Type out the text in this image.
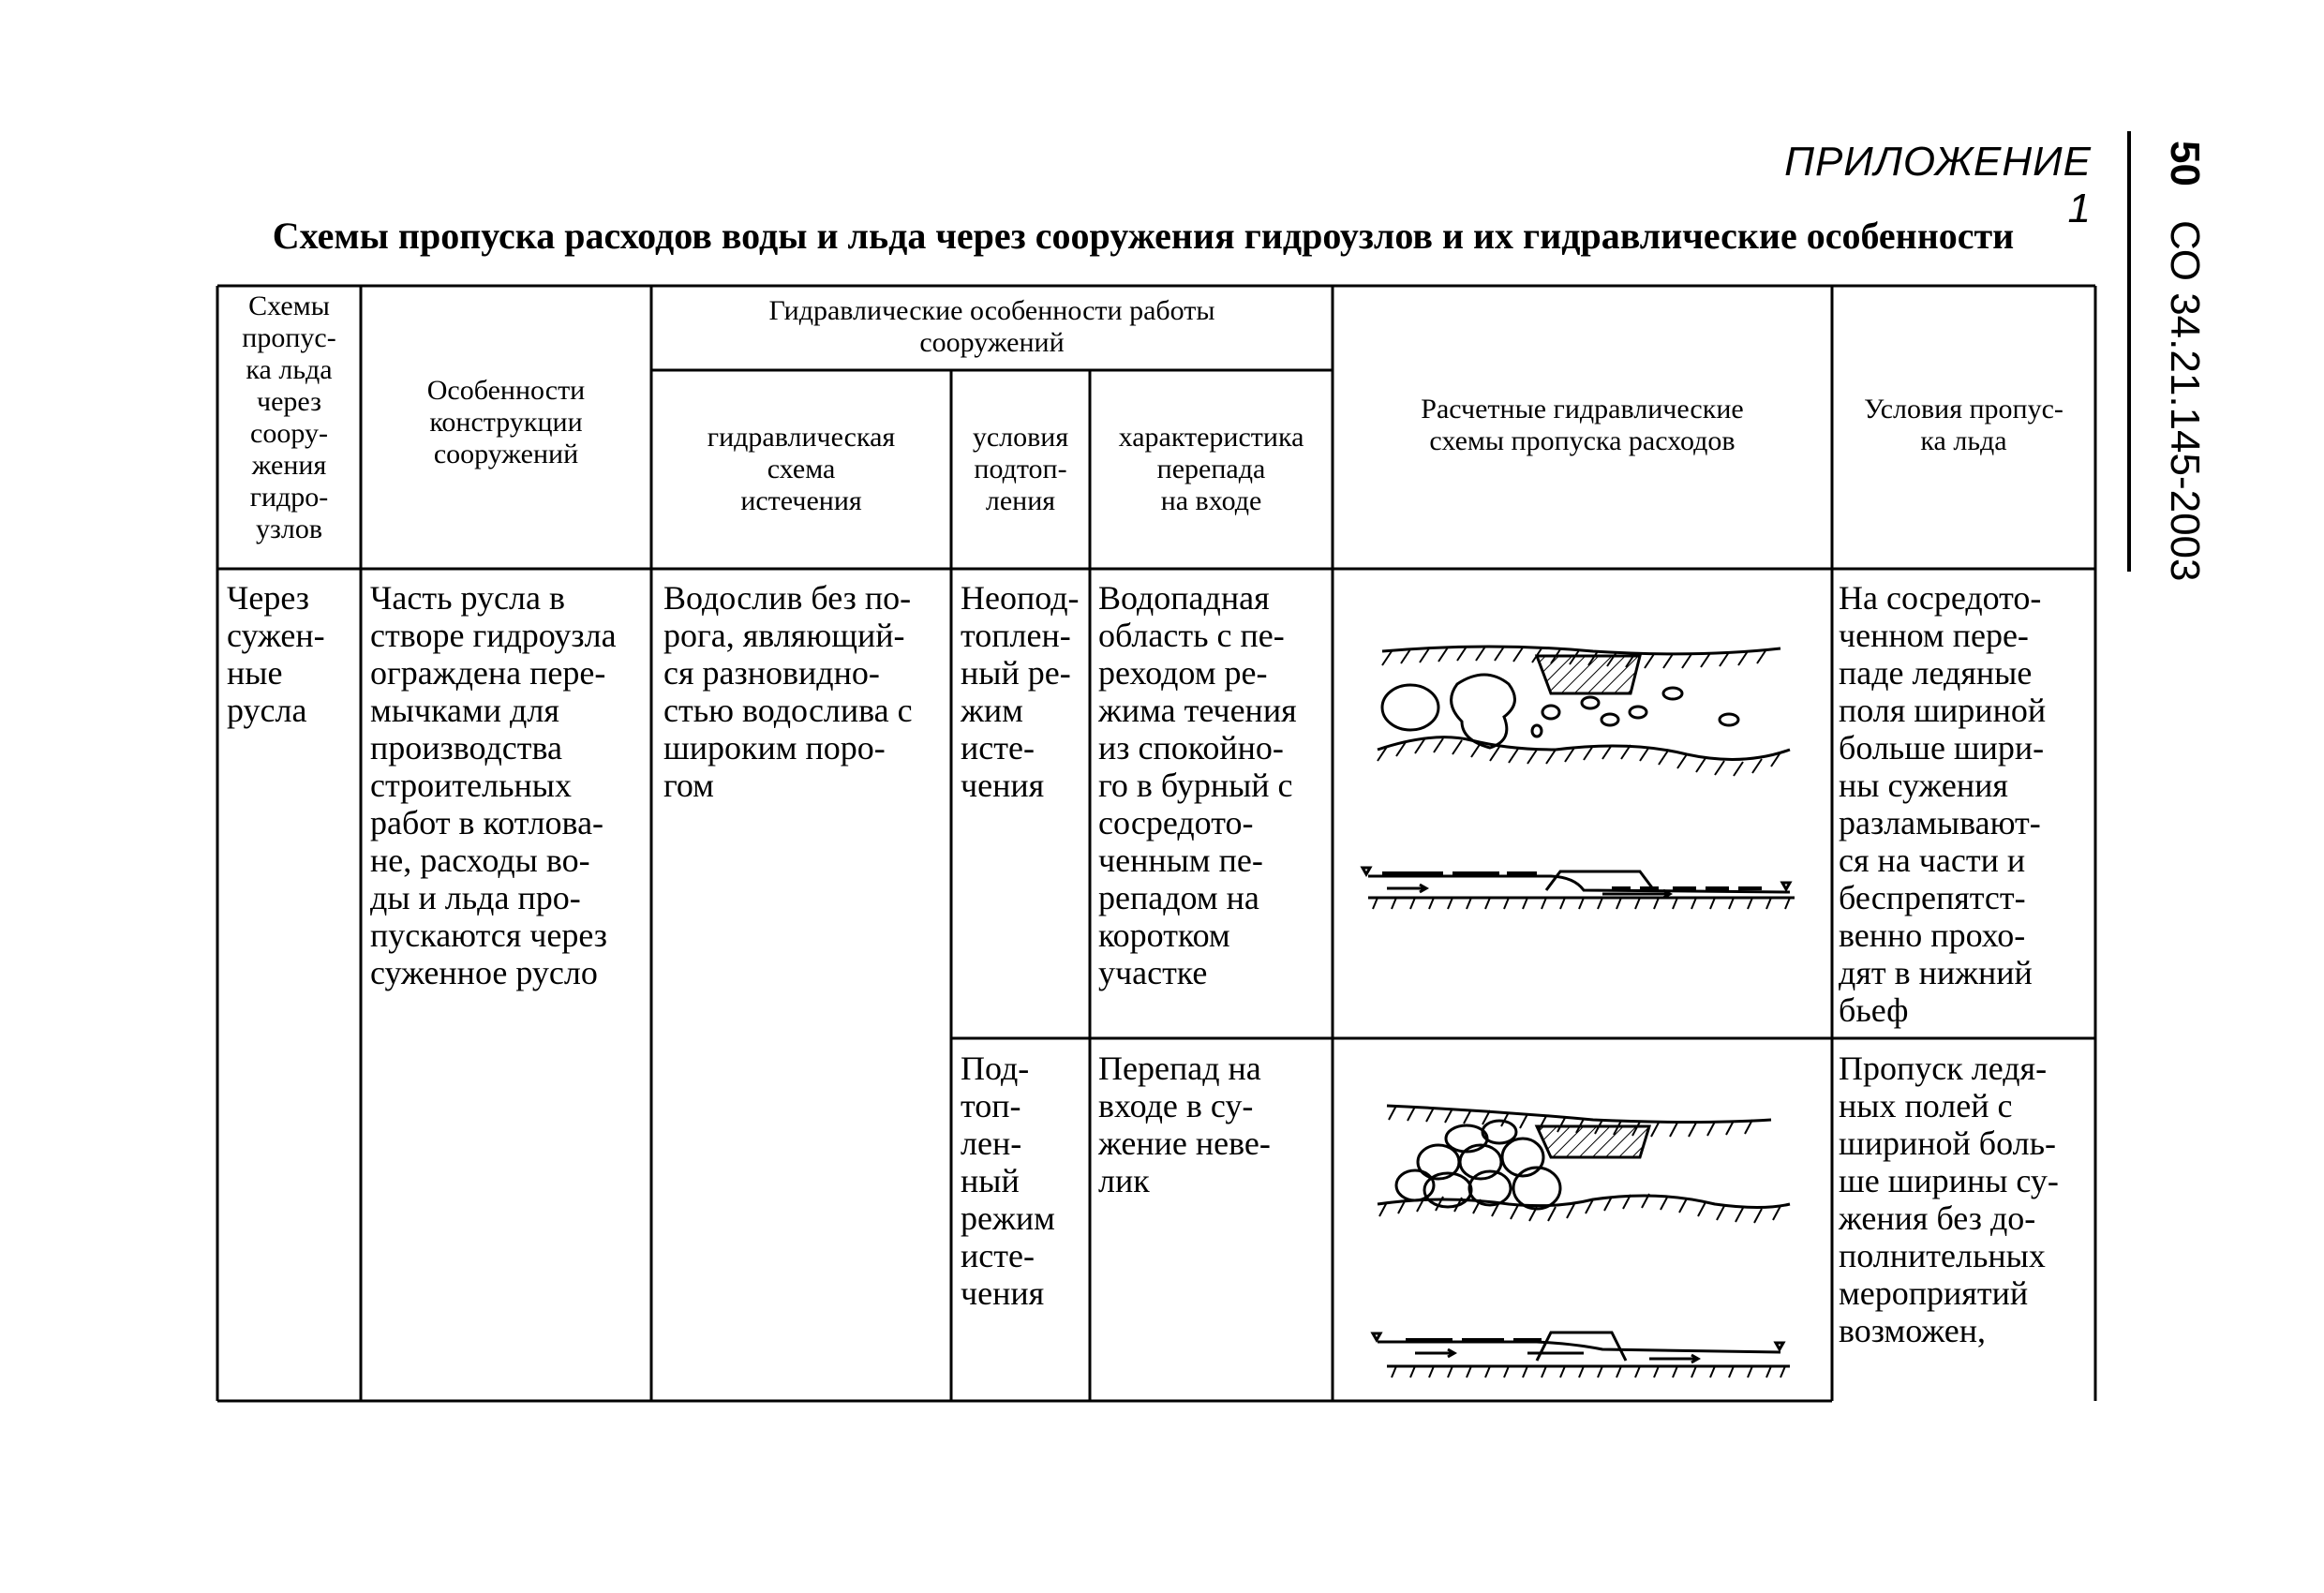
ПРИЛОЖЕНИЕ 1
50СО 34.21.145-2003
Схемы пропуска расходов воды и льда через сооружения гидроузлов и их гидравлические особенности
Схемы
пропус-
ка льда
через
соору-
жения
гидро-
узлов
Особенности
конструкции
сооружений
Гидравлические особенности работы
сооружений
гидравлическая
схема
истечения
условия
подтоп-
ления
характеристика
перепада
на входе
Расчетные гидравлические
схемы пропуска расходов
Условия пропус-
ка льда
Через
сужен-
ные
русла
Часть русла в
створе гидроузла
ограждена пере-
мычками для
производства
строительных
работ в котлова-
не, расходы во-
ды и льда про-
пускаются через
суженное русло
Водослив без по-
рога, являющий-
ся разновидно-
стью водослива с
широким поро-
гом
Неопод-
топлен-
ный ре-
жим
исте-
чения
Водопадная
область с пе-
реходом ре-
жима течения
из спокойно-
го в бурный с
сосредото-
ченным пе-
репадом на
коротком
участке
На сосредото-
ченном пере-
паде ледяные
поля шириной
больше шири-
ны сужения
разламывают-
ся на части и
беспрепятст-
венно прохо-
дят в нижний
бьеф
Под-
топ-
лен-
ный
режим
исте-
чения
Перепад на
входе в су-
жение неве-
лик
Пропуск ледя-
ных полей с
шириной боль-
ше ширины су-
жения без до-
полнительных
мероприятий
возможен,
